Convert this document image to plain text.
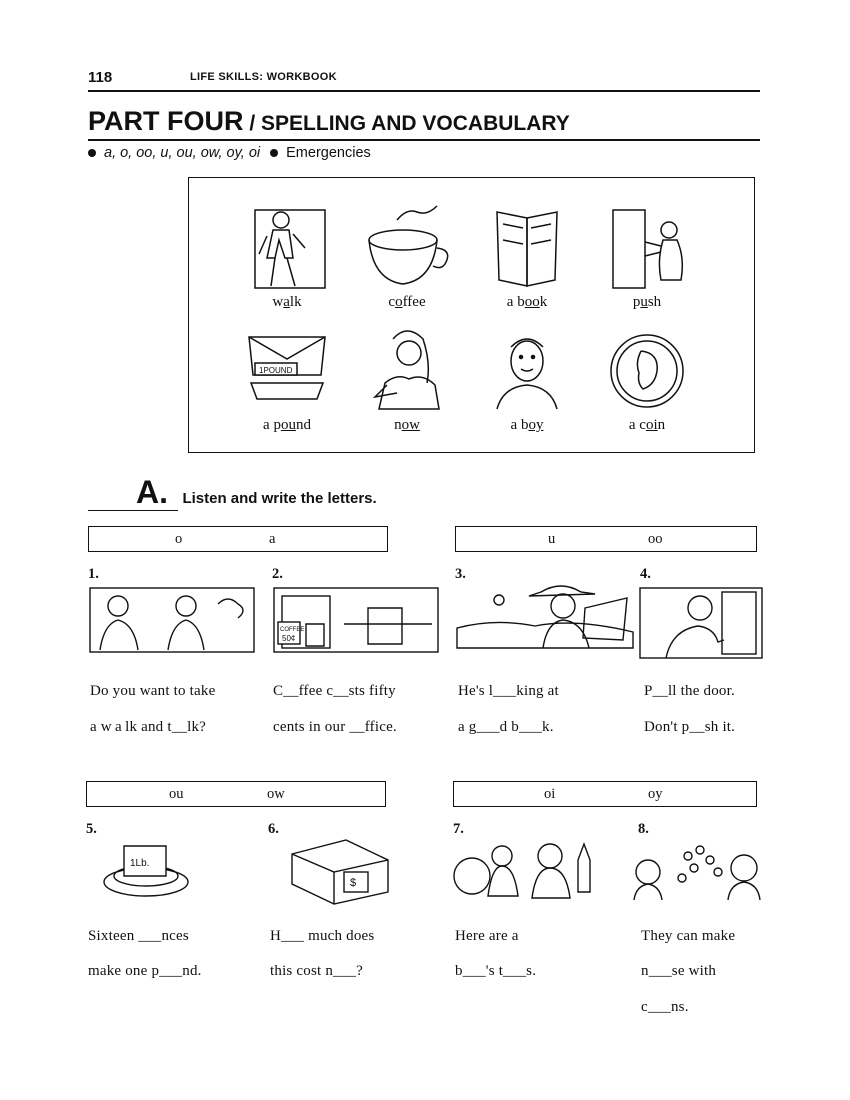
118	LIFE SKILLS: WORKBOOK
PART FOUR / SPELLING AND VOCABULARY
a, o, oo, u, ou, ow, oy, oi Emergencies
walk	coffee	a book	push
1POUND
a pound	now	a boy	a coin
A. Listen and write the letters.
o	a	u	oo
ou	ow	oi	oy
1.	2.	3.	4.
COFFEE
50¢
Do you want to take
a w a lk and t__lk?
C__ffee c__sts fifty
cents in our __ffice.
He's l___king at
a g___d b___k.
P__ll the door.
Don't p__sh it.
5.	6.	7.	8.
1Lb.
$
Sixteen ___nces
make one p___nd.
H___ much does
this cost n___?
Here are a
b___'s t___s.
They can make
n___se with
c___ns.
